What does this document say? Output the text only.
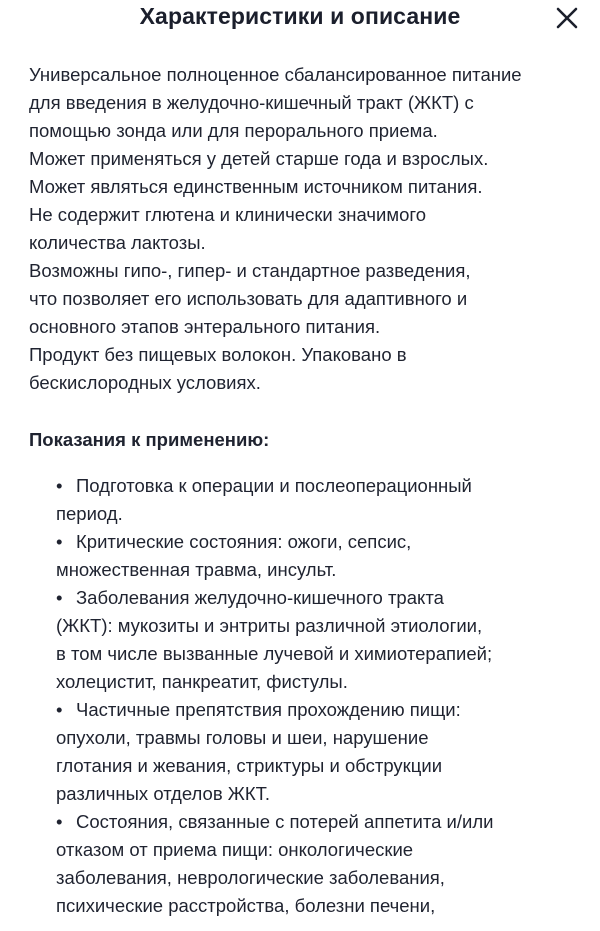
Характеристики и описание

Универсальное полноценное сбалансированное питание

для введения в желудочно-кишечный тракт (ЖКТ) с

помощью зонда или для перорального приема.

Может применяться у детей старше года и взрослых.

Может являться единственным источником питания.

Не содержит глютена и клинически значимого

количества лактозы.

Возможны гипо-, гипер- и стандартное разведения,

что позволяет его использовать для адаптивного и

основного этапов энтерального питания.

Продукт без пищевых волокон. Упаковано в

бескислородных условиях.

Показания к применению:
• Подготовка к операции и послеоперационный
период.
• Критические состояния: ожоги, сепсис,
множественная травма, инсульт.
• Заболевания желудочно-кишечного тракта
(ЖКТ): мукозиты и энтриты различной этиологии,
в том числе вызванные лучевой и химиотерапией;
холецистит, панкреатит, фистулы.
• Частичные препятствия прохождению пищи:
опухоли, травмы головы и шеи, нарушение
глотания и жевания, стриктуры и обструкции
различных отделов ЖКТ.
• Состояния, связанные с потерей аппетита и/или
отказом от приема пищи: онкологические
заболевания, неврологические заболевания,
психические расстройства, болезни печени,
